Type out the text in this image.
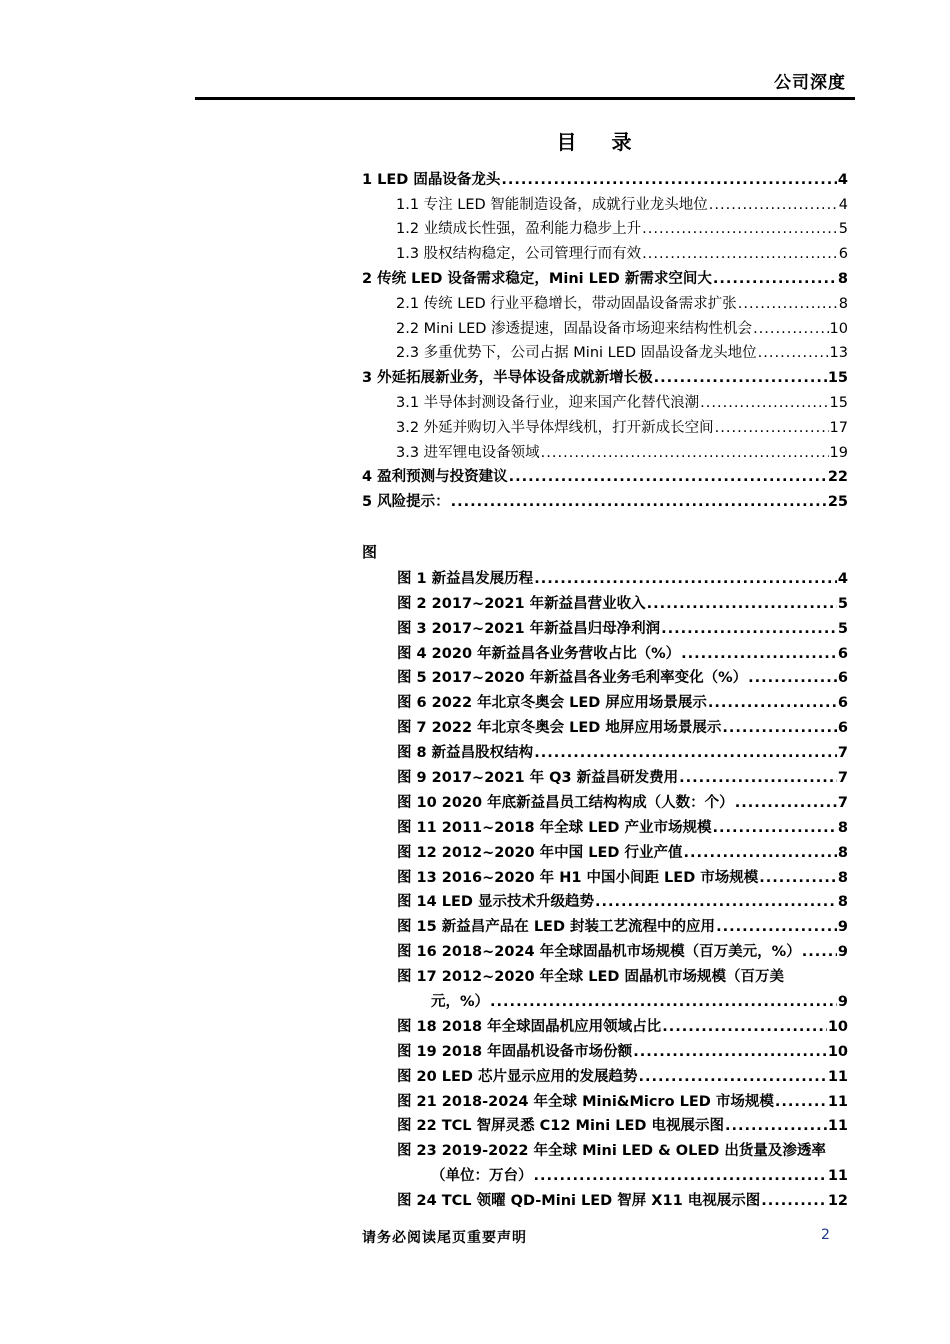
公司深度
目 录
1 LED 固晶设备龙头 .....	4
1.1 专注 LED 智能制造设备，成就行业龙头地位 .....	4
1.2 业绩成长性强，盈利能力稳步上升 .....	5
1.3 股权结构稳定，公司管理行而有效 .....	6
2 传统 LED 设备需求稳定，Mini LED 新需求空间大 .....	8
2.1 传统 LED 行业平稳增长，带动固晶设备需求扩张 .....	8
2.2 Mini LED 渗透提速，固晶设备市场迎来结构性机会 .....	10
2.3 多重优势下，公司占据 Mini LED 固晶设备龙头地位 .....	13
3 外延拓展新业务，半导体设备成就新增长极 .....	15
3.1 半导体封测设备行业，迎来国产化替代浪潮 .....	15
3.2 外延并购切入半导体焊线机，打开新成长空间 .....	17
3.3 进军锂电设备领域 .....	19
4 盈利预测与投资建议 .....	22
5 风险提示： .....	25
图
图 1 新益昌发展历程 .....	4
图 2 2017~2021 年新益昌营业收入 .....	5
图 3 2017~2021 年新益昌归母净利润 .....	5
图 4 2020 年新益昌各业务营收占比（%） .....	6
图 5 2017~2020 年新益昌各业务毛利率变化（%） .....	6
图 6 2022 年北京冬奥会 LED 屏应用场景展示 .....	6
图 7 2022 年北京冬奥会 LED 地屏应用场景展示 .....	6
图 8 新益昌股权结构 .....	7
图 9 2017~2021 年 Q3 新益昌研发费用 .....	7
图 10 2020 年底新益昌员工结构构成（人数：个） .....	7
图 11 2011~2018 年全球 LED 产业市场规模 .....	8
图 12 2012~2020 年中国 LED 行业产值 .....	8
图 13 2016~2020 年 H1 中国小间距 LED 市场规模 .....	8
图 14 LED 显示技术升级趋势 .....	8
图 15 新益昌产品在 LED 封装工艺流程中的应用 .....	9
图 16 2018~2024 年全球固晶机市场规模（百万美元，%） .....	9
图 17 2012~2020 年全球 LED 固晶机市场规模（百万美
元，%） .....	9
图 18 2018 年全球固晶机应用领域占比 .....	10
图 19 2018 年固晶机设备市场份额 .....	10
图 20 LED 芯片显示应用的发展趋势 .....	11
图 21 2018-2024 年全球 Mini&Micro LED 市场规模 .....	11
图 22 TCL 智屏灵悉 C12 Mini LED 电视展示图 .....	11
图 23 2019-2022 年全球 Mini LED & OLED 出货量及渗透率
（单位：万台） .....	11
图 24 TCL 领曜 QD-Mini LED 智屏 X11 电视展示图 .....	12
请务必阅读尾页重要声明	2
